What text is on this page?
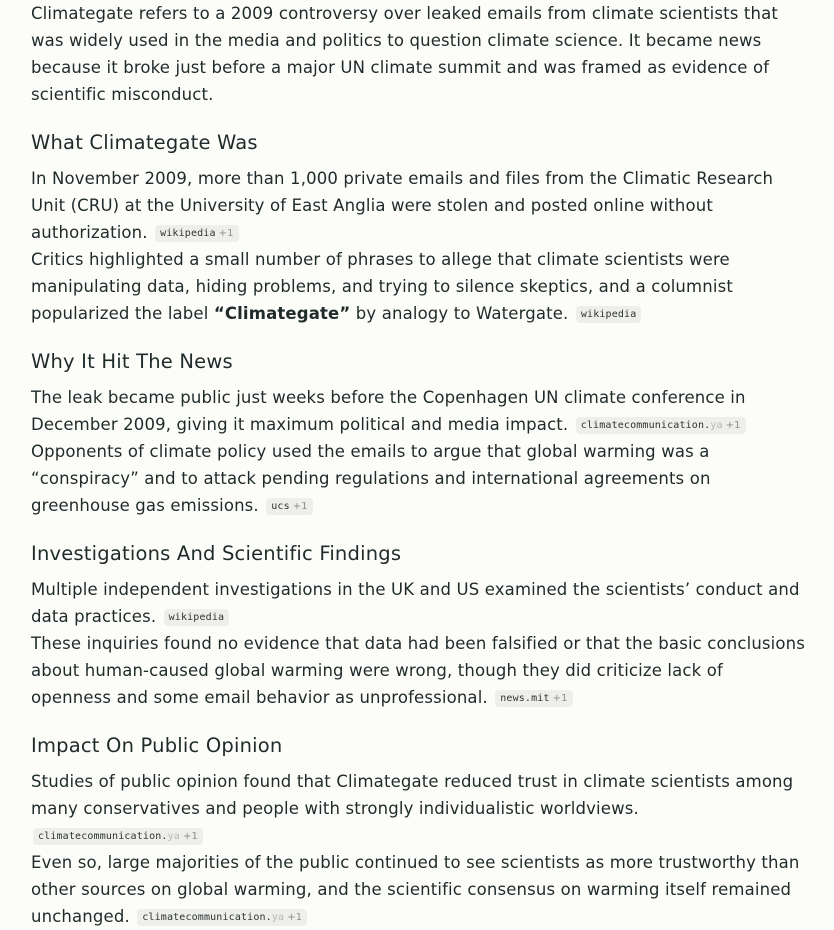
Climategate refers to a 2009 controversy over leaked emails from climate scientists that was widely used in the media and politics to question climate science. It became news because it broke just before a major UN climate summit and was framed as evidence of scientific misconduct.

What Climategate Was

In November 2009, more than 1,000 private emails and files from the Climatic Research Unit (CRU) at the University of East Anglia were stolen and posted online without authorization. wikipedia +1

Critics highlighted a small number of phrases to allege that climate scientists were manipulating data, hiding problems, and trying to silence skeptics, and a columnist popularized the label “Climategate” by analogy to Watergate. wikipedia

Why It Hit The News

The leak became public just weeks before the Copenhagen UN climate conference in December 2009, giving it maximum political and media impact. climatecommunication.ya +1

Opponents of climate policy used the emails to argue that global warming was a “conspiracy” and to attack pending regulations and international agreements on greenhouse gas emissions. ucs +1

Investigations And Scientific Findings

Multiple independent investigations in the UK and US examined the scientists’ conduct and data practices. wikipedia

These inquiries found no evidence that data had been falsified or that the basic conclusions about human-caused global warming were wrong, though they did criticize lack of openness and some email behavior as unprofessional. news.mit +1

Impact On Public Opinion

Studies of public opinion found that Climategate reduced trust in climate scientists among many conservatives and people with strongly individualistic worldviews. climatecommunication.ya +1

Even so, large majorities of the public continued to see scientists as more trustworthy than other sources on global warming, and the scientific consensus on warming itself remained unchanged. climatecommunication.ya +1
